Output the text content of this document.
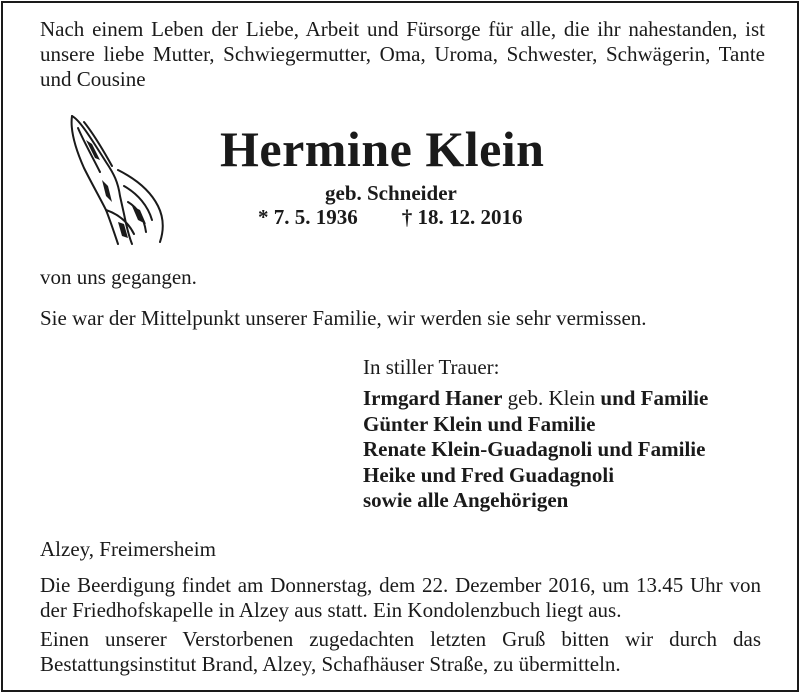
Nach einem Leben der Liebe, Arbeit und Fürsorge für alle, die ihr nahestanden, ist unsere liebe Mutter, Schwiegermutter, Oma, Uroma, Schwester, Schwägerin, Tante und Cousine
Hermine Klein
geb. Schneider
* 7. 5. 1936 † 18. 12. 2016
von uns gegangen.
Sie war der Mittelpunkt unserer Familie, wir werden sie sehr vermissen.
In stiller Trauer:
Irmgard Haner geb. Klein und Familie
Günter Klein und Familie
Renate Klein-Guadagnoli und Familie
Heike und Fred Guadagnoli
sowie alle Angehörigen
Alzey, Freimersheim
Die Beerdigung findet am Donnerstag, dem 22. Dezember 2016, um 13.45 Uhr von der Friedhofskapelle in Alzey aus statt. Ein Kondolenzbuch liegt aus.
Einen unserer Verstorbenen zugedachten letzten Gruß bitten wir durch das Bestattungsinstitut Brand, Alzey, Schafhäuser Straße, zu übermitteln.
